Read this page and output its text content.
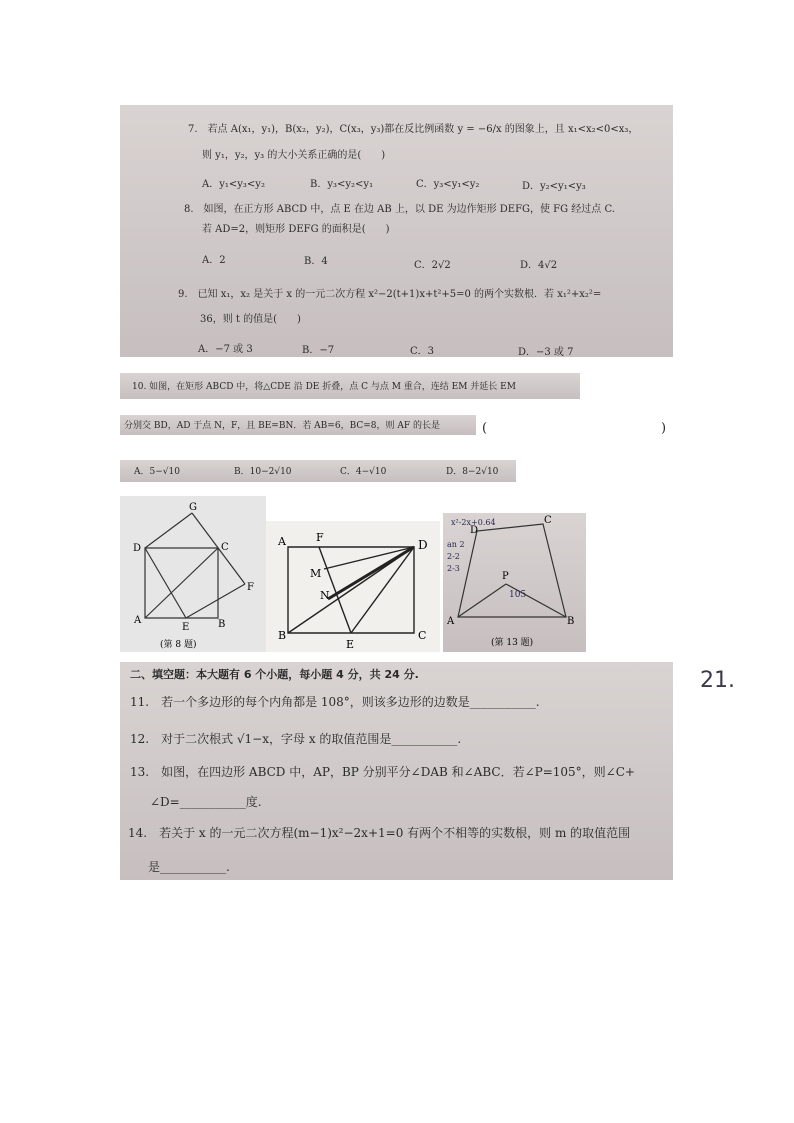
7.　若点 A(x₁，y₁)，B(x₂，y₂)，C(x₃，y₃)都在反比例函数 y = −6/x 的图象上，且 x₁<x₂<0<x₃，
则 y₁，y₂，y₃ 的大小关系正确的是(　　)
A．y₁<y₃<y₂	B．y₃<y₂<y₁	C．y₃<y₁<y₂	D．y₂<y₁<y₃
8.　如图，在正方形 ABCD 中，点 E 在边 AB 上，以 DE 为边作矩形 DEFG，使 FG 经过点 C.
若 AD=2，则矩形 DEFG 的面积是(　　)
A．2	B．4	C．2√2	D．4√2
9.　已知 x₁，x₂ 是关于 x 的一元二次方程 x²−2(t+1)x+t²+5=0 的两个实数根．若 x₁²+x₂²=
36，则 t 的值是(　　)
A．−7 或 3	B．−7	C．3	D．−3 或 7
10. 如图，在矩形 ABCD 中，将△CDE 沿 DE 折叠，点 C 与点 M 重合，连结 EM 并延长 EM
分别交 BD，AD 于点 N，F，且 BE=BN．若 AB=6，BC=8，则 AF 的长是	(	)
A．5−√10	B．10−2√10	C．4−√10	D．8−2√10
G
D	C
F
A
E	B
(第 8 题)
A	F
D
M
N
B
E
C
D
C
P
A	B
105
(第 13 题)
x²-2x+0.64
an 2
2-2
2-3
二、填空题：本大题有 6 个小题，每小题 4 分，共 24 分.
11.　若一个多边形的每个内角都是 108°，则该多边形的边数是___________.
12.　对于二次根式 √1−x，字母 x 的取值范围是___________.
13.　如图，在四边形 ABCD 中，AP，BP 分别平分∠DAB 和∠ABC．若∠P=105°，则∠C+
∠D=___________度.
14.　若关于 x 的一元二次方程(m−1)x²−2x+1=0 有两个不相等的实数根，则 m 的取值范围
是___________.
21.
